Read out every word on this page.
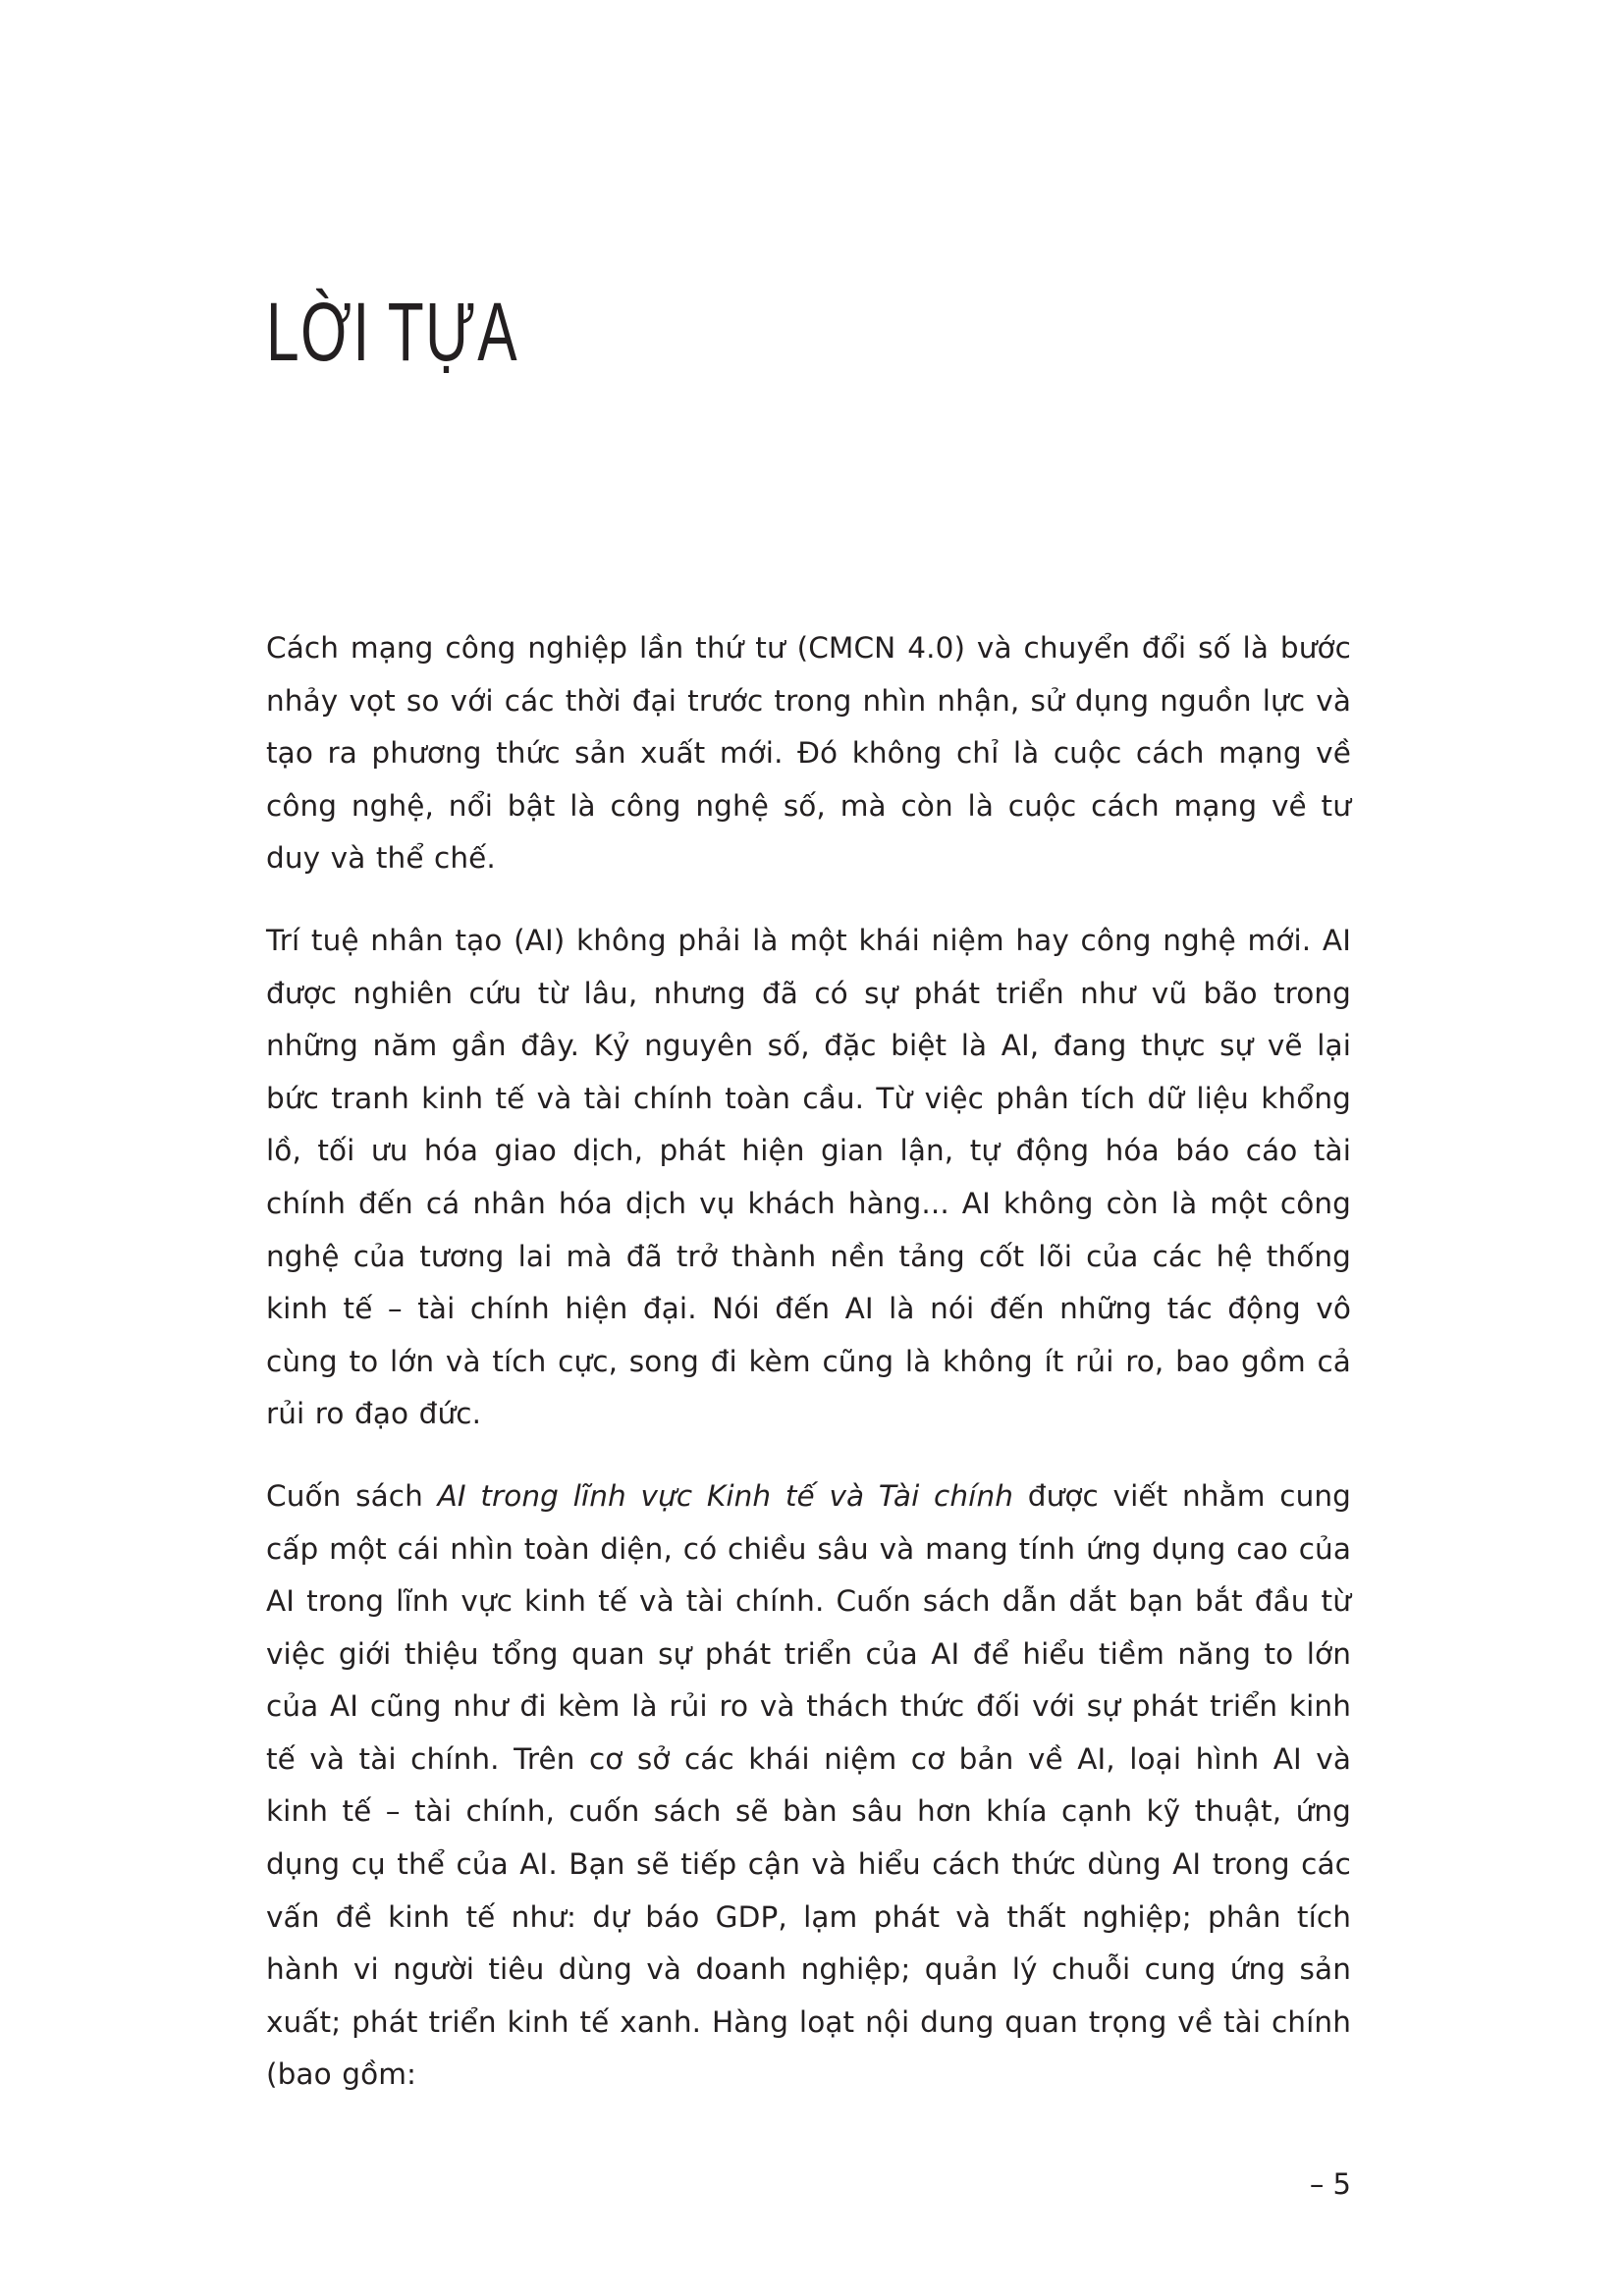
LỜI TỰA

Cách mạng công nghiệp lần thứ tư (CMCN 4.0) và chuyển đổi số là bước nhảy vọt so với các thời đại trước trong nhìn nhận, sử dụng nguồn lực và tạo ra phương thức sản xuất mới. Đó không chỉ là cuộc cách mạng về công nghệ, nổi bật là công nghệ số, mà còn là cuộc cách mạng về tư duy và thể chế.

Trí tuệ nhân tạo (AI) không phải là một khái niệm hay công nghệ mới. AI được nghiên cứu từ lâu, nhưng đã có sự phát triển như vũ bão trong những năm gần đây. Kỷ nguyên số, đặc biệt là AI, đang thực sự vẽ lại bức tranh kinh tế và tài chính toàn cầu. Từ việc phân tích dữ liệu khổng lồ, tối ưu hóa giao dịch, phát hiện gian lận, tự động hóa báo cáo tài chính đến cá nhân hóa dịch vụ khách hàng... AI không còn là một công nghệ của tương lai mà đã trở thành nền tảng cốt lõi của các hệ thống kinh tế – tài chính hiện đại. Nói đến AI là nói đến những tác động vô cùng to lớn và tích cực, song đi kèm cũng là không ít rủi ro, bao gồm cả rủi ro đạo đức.

Cuốn sách AI trong lĩnh vực Kinh tế và Tài chính được viết nhằm cung cấp một cái nhìn toàn diện, có chiều sâu và mang tính ứng dụng cao của AI trong lĩnh vực kinh tế và tài chính. Cuốn sách dẫn dắt bạn bắt đầu từ việc giới thiệu tổng quan sự phát triển của AI để hiểu tiềm năng to lớn của AI cũng như đi kèm là rủi ro và thách thức đối với sự phát triển kinh tế và tài chính. Trên cơ sở các khái niệm cơ bản về AI, loại hình AI và kinh tế – tài chính, cuốn sách sẽ bàn sâu hơn khía cạnh kỹ thuật, ứng dụng cụ thể của AI. Bạn sẽ tiếp cận và hiểu cách thức dùng AI trong các vấn đề kinh tế như: dự báo GDP, lạm phát và thất nghiệp; phân tích hành vi người tiêu dùng và doanh nghiệp; quản lý chuỗi cung ứng sản xuất; phát triển kinh tế xanh. Hàng loạt nội dung quan trọng về tài chính (bao gồm:

– 5
